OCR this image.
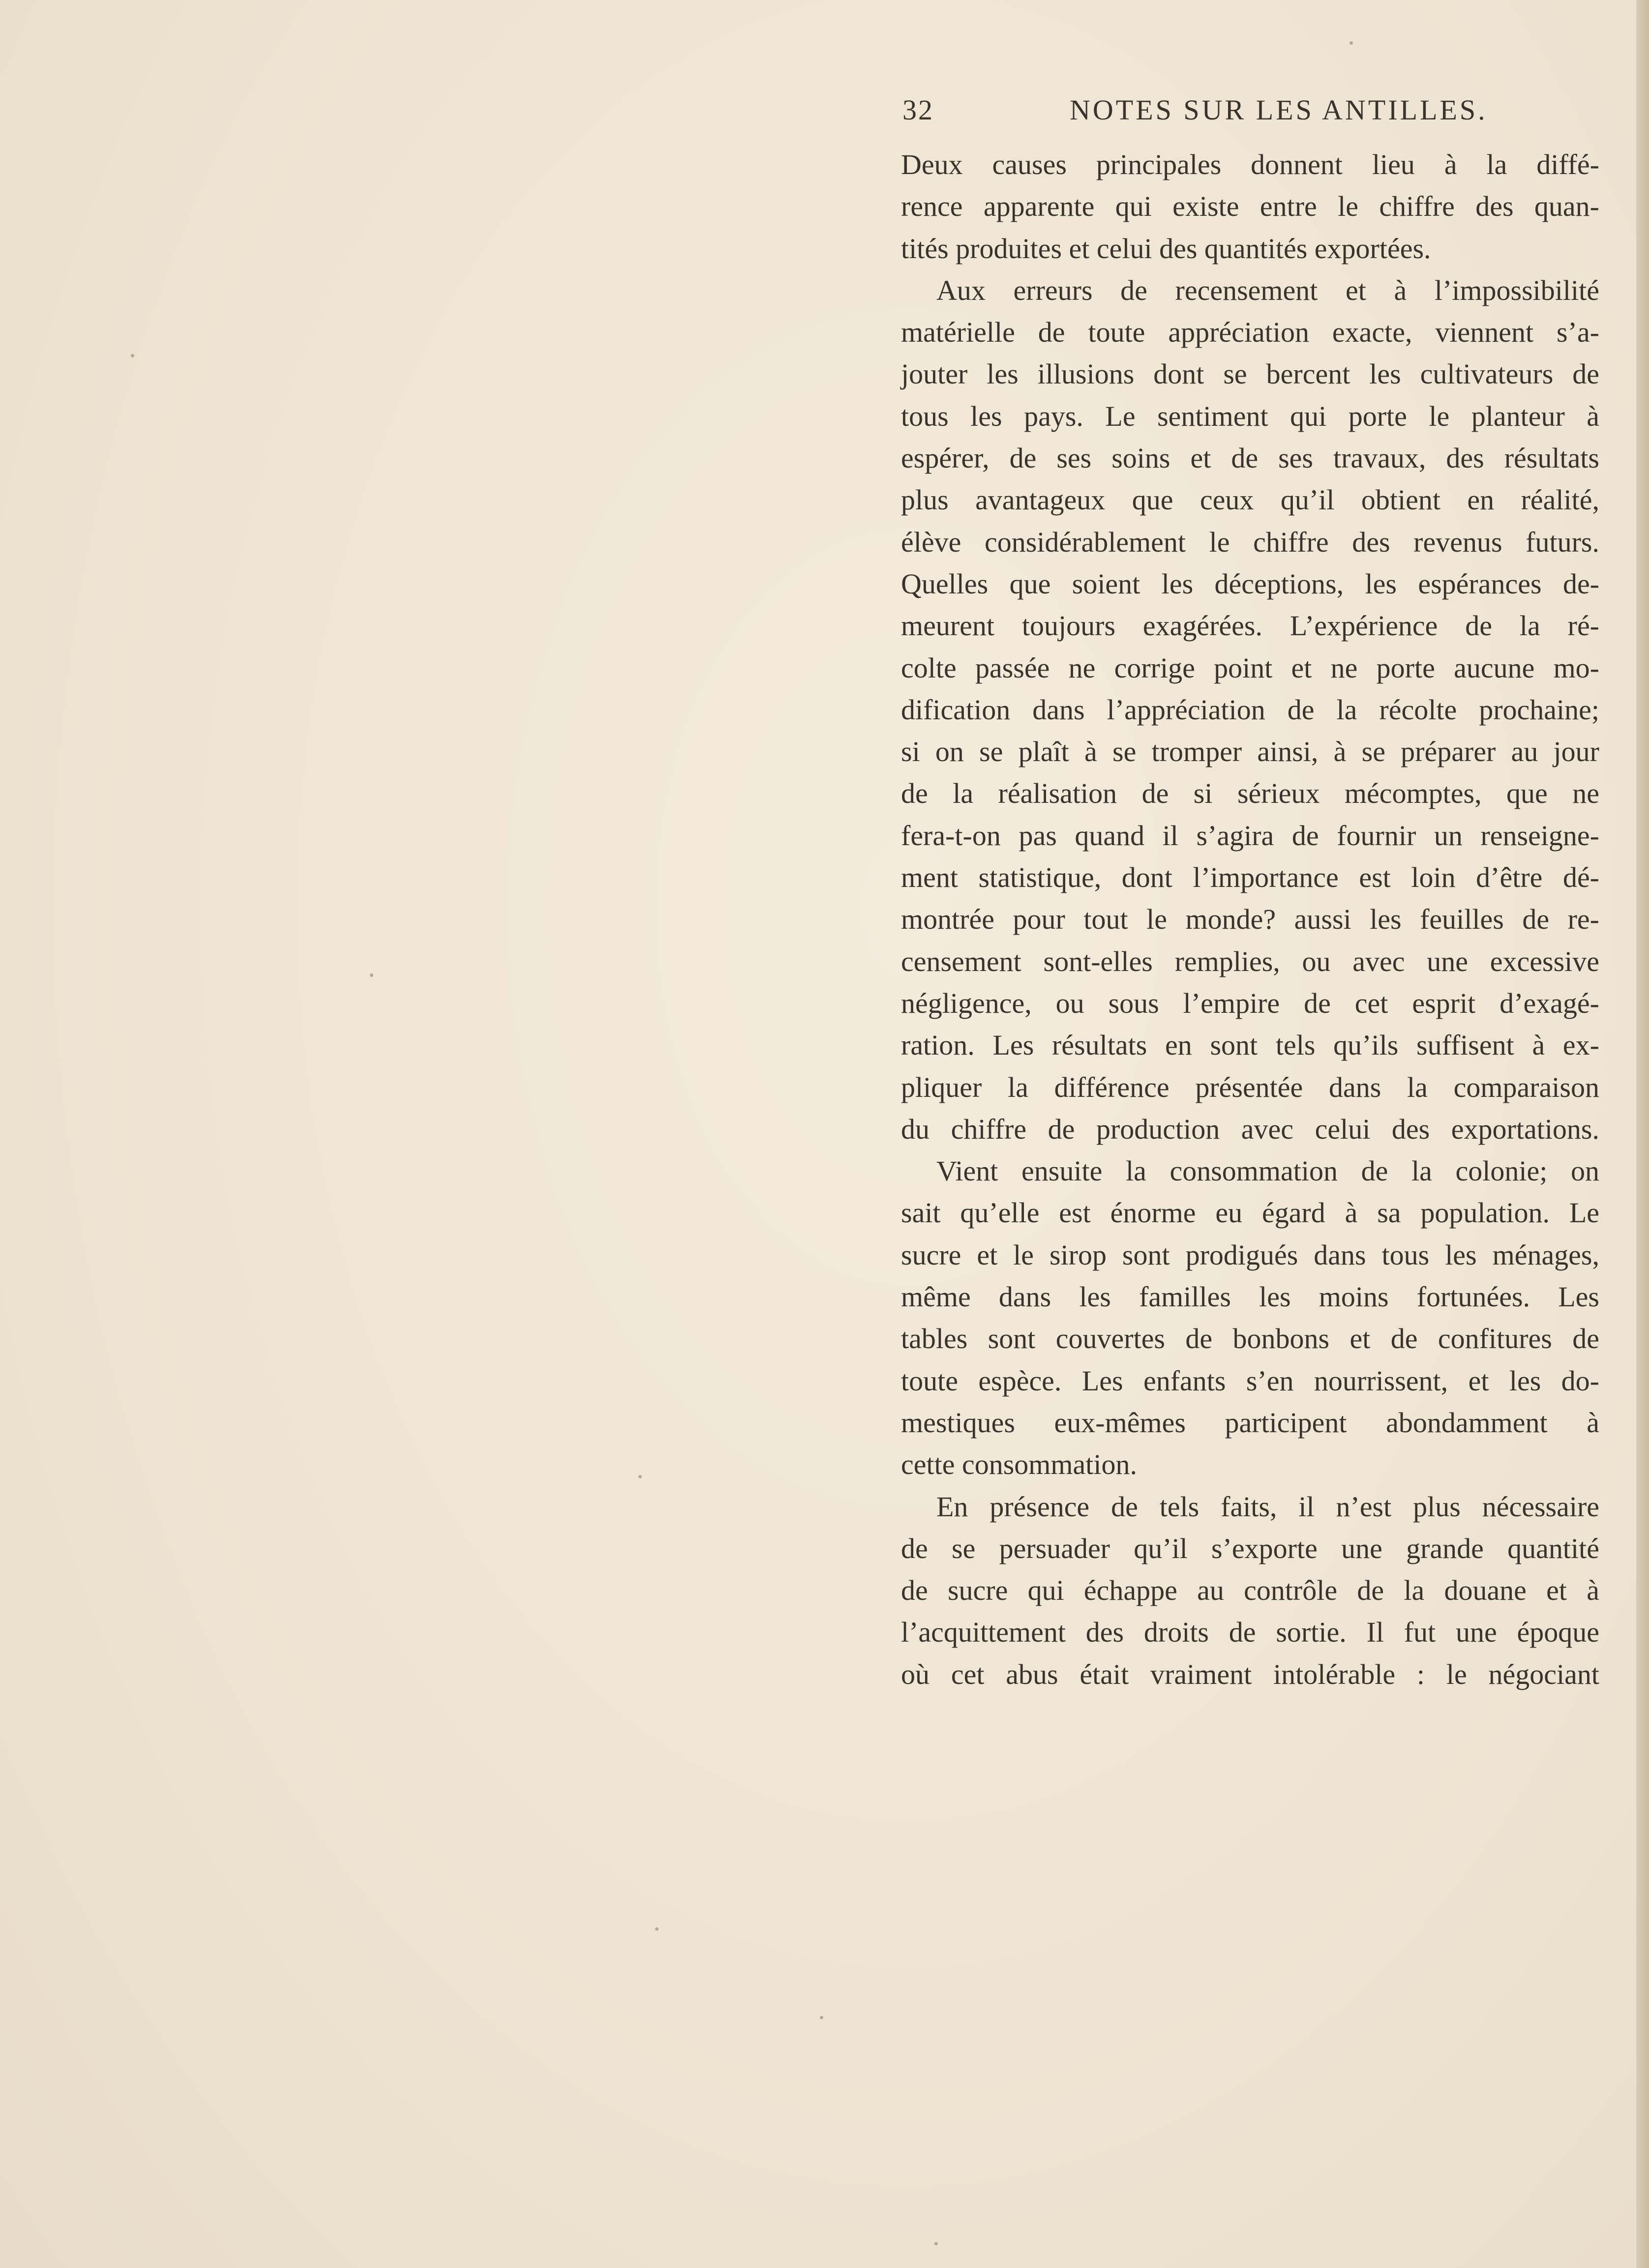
32	NOTES SUR LES ANTILLES.
Deux causes principales donnent lieu à la diffé-
rence apparente qui existe entre le chiffre des quan-
tités produites et celui des quantités exportées.
Aux erreurs de recensement et à l’impossibilité
matérielle de toute appréciation exacte, viennent s’a-
jouter les illusions dont se bercent les cultivateurs de
tous les pays. Le sentiment qui porte le planteur à
espérer, de ses soins et de ses travaux, des résultats
plus avantageux que ceux qu’il obtient en réalité,
élève considérablement le chiffre des revenus futurs.
Quelles que soient les déceptions, les espérances de-
meurent toujours exagérées. L’expérience de la ré-
colte passée ne corrige point et ne porte aucune mo-
dification dans l’appréciation de la récolte prochaine;
si on se plaît à se tromper ainsi, à se préparer au jour
de la réalisation de si sérieux mécomptes, que ne
fera-t-on pas quand il s’agira de fournir un renseigne-
ment statistique, dont l’importance est loin d’être dé-
montrée pour tout le monde? aussi les feuilles de re-
censement sont-elles remplies, ou avec une excessive
négligence, ou sous l’empire de cet esprit d’exagé-
ration. Les résultats en sont tels qu’ils suffisent à ex-
pliquer la différence présentée dans la comparaison
du chiffre de production avec celui des exportations.
Vient ensuite la consommation de la colonie; on
sait qu’elle est énorme eu égard à sa population. Le
sucre et le sirop sont prodigués dans tous les ménages,
même dans les familles les moins fortunées. Les
tables sont couvertes de bonbons et de confitures de
toute espèce. Les enfants s’en nourrissent, et les do-
mestiques eux-mêmes participent abondamment à
cette consommation.
En présence de tels faits, il n’est plus nécessaire
de se persuader qu’il s’exporte une grande quantité
de sucre qui échappe au contrôle de la douane et à
l’acquittement des droits de sortie. Il fut une époque
où cet abus était vraiment intolérable : le négociant
